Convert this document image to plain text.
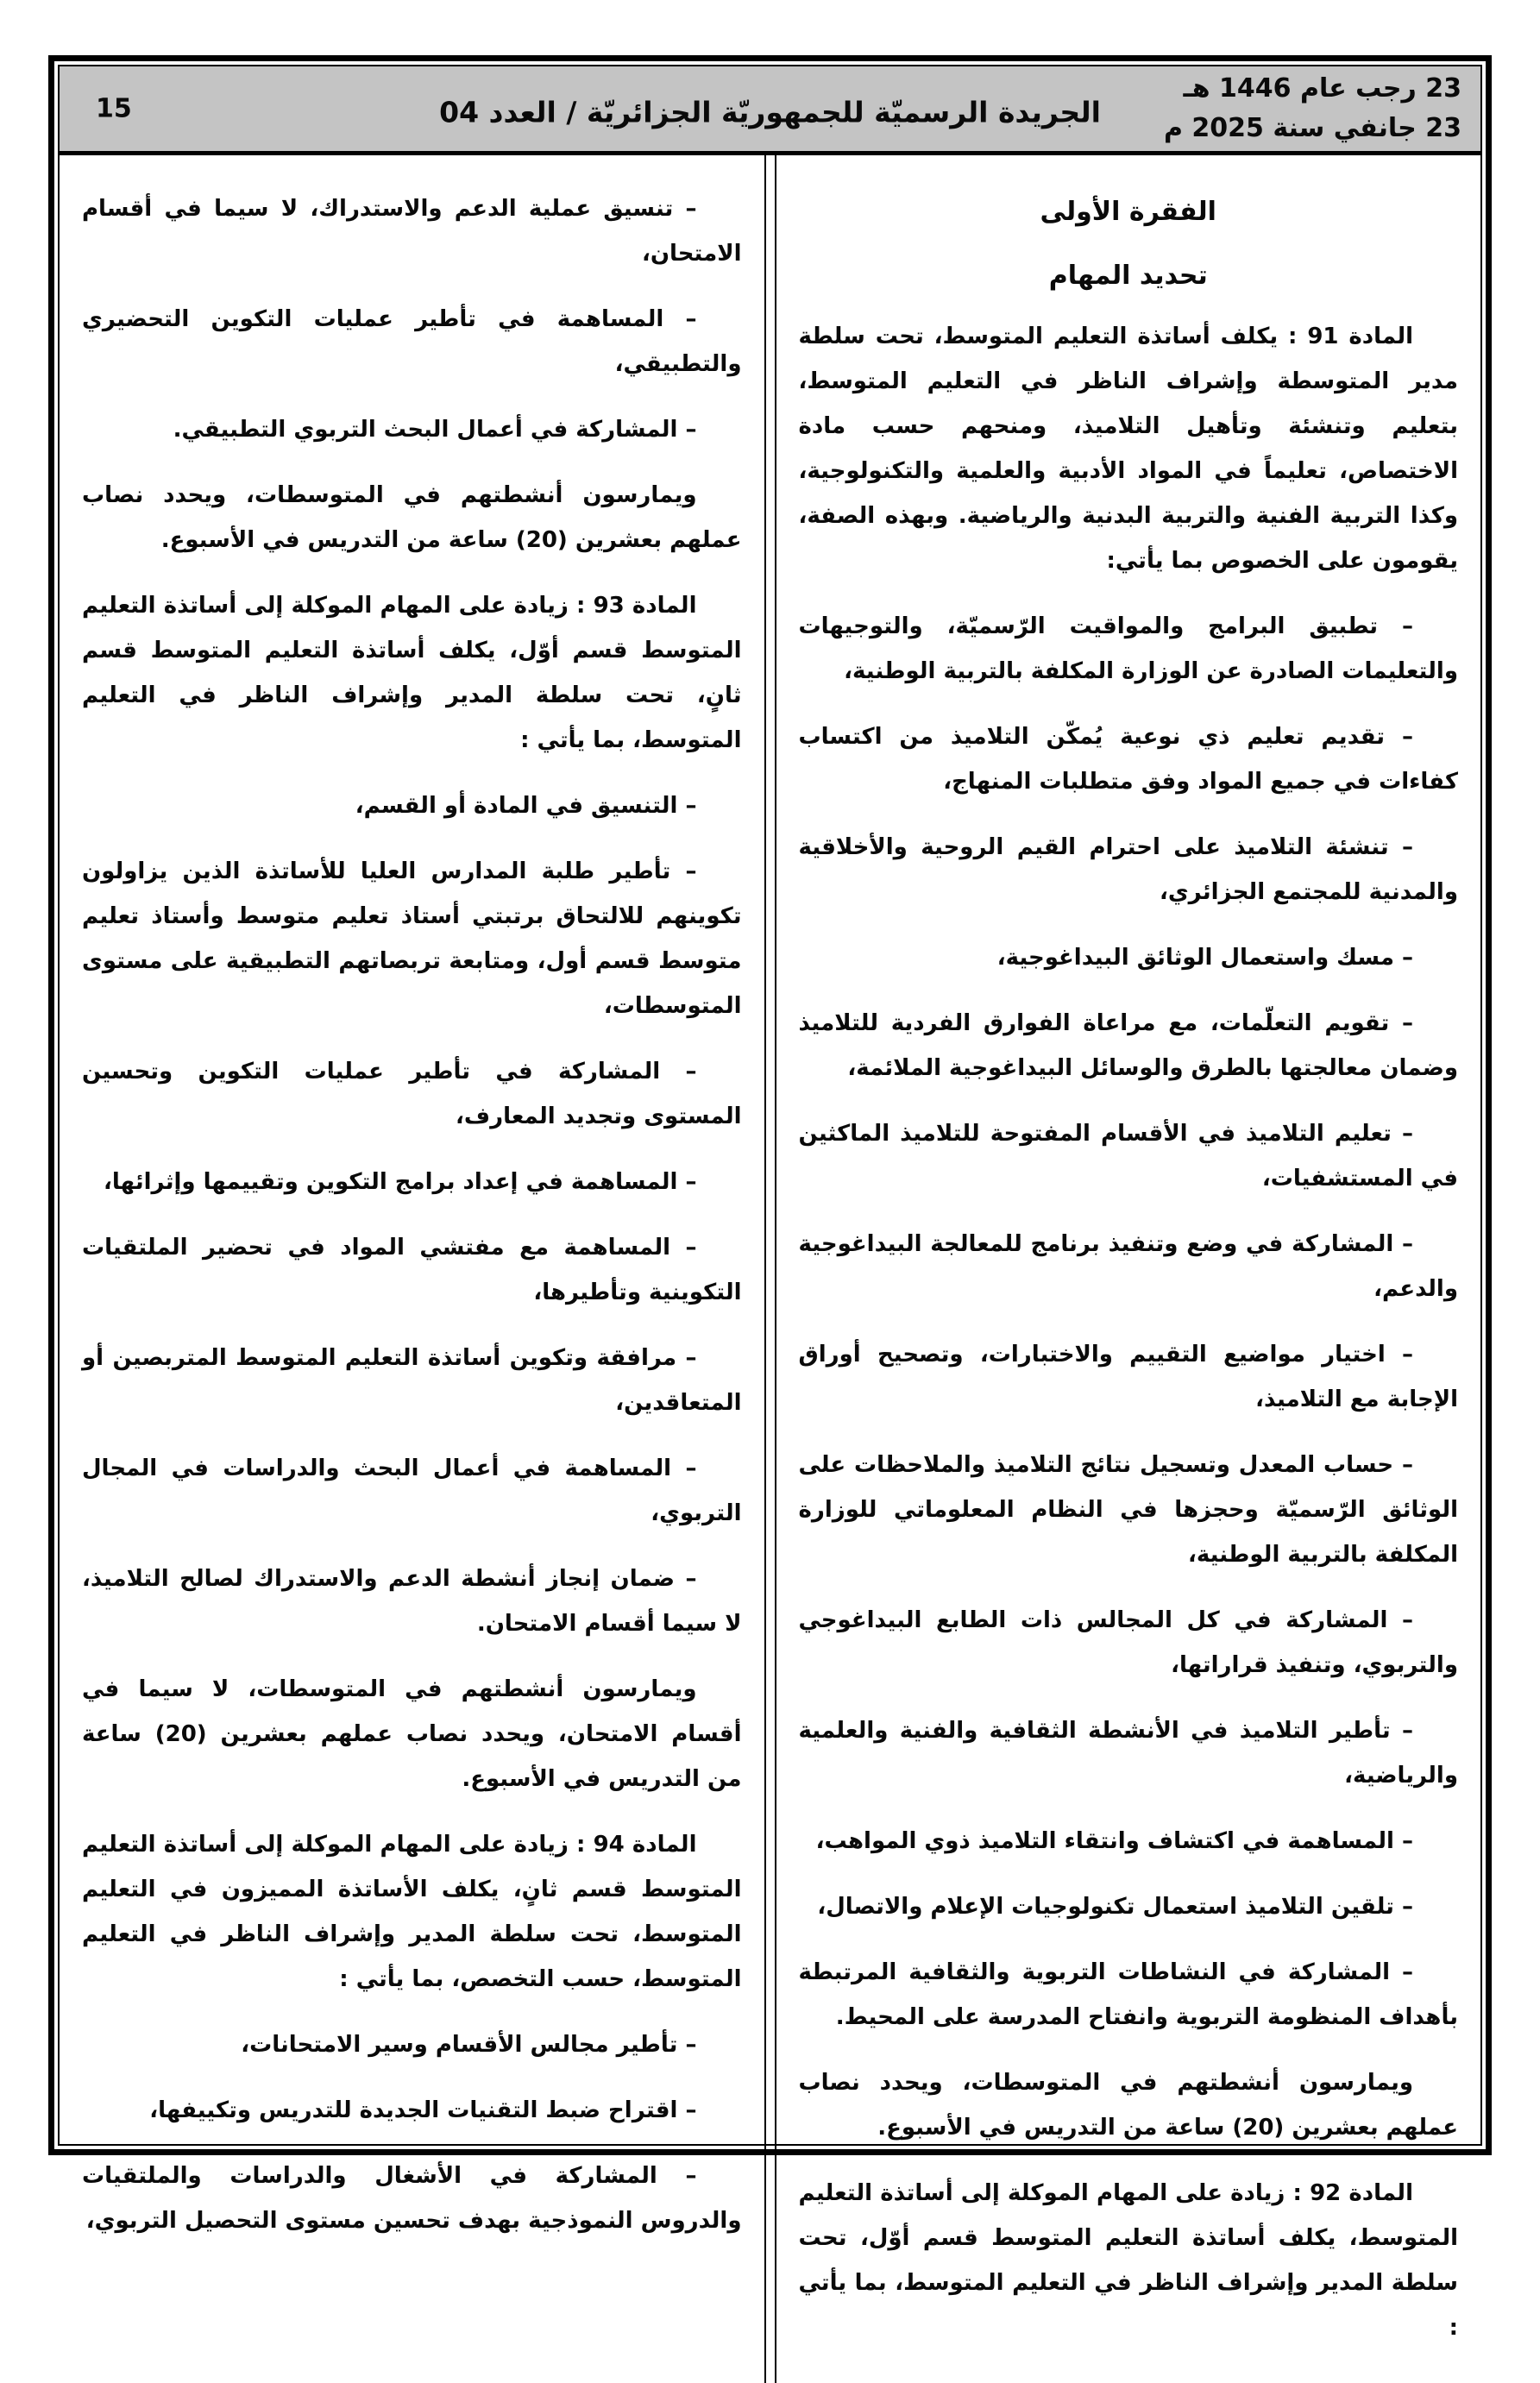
15	الجريدة الرسميّة للجمهوريّة الجزائريّة / العدد 04
23 رجب عام 1446 هـ
23 جانفي سنة 2025 م
– تنسيق عملية الدعم والاستدراك، لا سيما في أقسام الامتحان،
– المساهمة في تأطير عمليات التكوين التحضيري والتطبيقي،
– المشاركة في أعمال البحث التربوي التطبيقي.
ويمارسون أنشطتهم في المتوسطات، ويحدد نصاب عملهم بعشرين (20) ساعة من التدريس في الأسبوع.
المادة 93 : زيادة على المهام الموكلة إلى أساتذة التعليم المتوسط قسم أوّل، يكلف أساتذة التعليم المتوسط قسم ثانٍ، تحت سلطة المدير وإشراف الناظر في التعليم المتوسط، بما يأتي :
– التنسيق في المادة أو القسم،
– تأطير طلبة المدارس العليا للأساتذة الذين يزاولون تكوينهم للالتحاق برتبتي أستاذ تعليم متوسط وأستاذ تعليم متوسط قسم أول، ومتابعة تربصاتهم التطبيقية على مستوى المتوسطات،
– المشاركة في تأطير عمليات التكوين وتحسين المستوى وتجديد المعارف،
– المساهمة في إعداد برامج التكوين وتقييمها وإثرائها،
– المساهمة مع مفتشي المواد في تحضير الملتقيات التكوينية وتأطيرها،
– مرافقة وتكوين أساتذة التعليم المتوسط المتربصين أو المتعاقدين،
– المساهمة في أعمال البحث والدراسات في المجال التربوي،
– ضمان إنجاز أنشطة الدعم والاستدراك لصالح التلاميذ، لا سيما أقسام الامتحان.
ويمارسون أنشطتهم في المتوسطات، لا سيما في أقسام الامتحان، ويحدد نصاب عملهم بعشرين (20) ساعة من التدريس في الأسبوع.
المادة 94 : زيادة على المهام الموكلة إلى أساتذة التعليم المتوسط قسم ثانٍ، يكلف الأساتذة المميزون في التعليم المتوسط، تحت سلطة المدير وإشراف الناظر في التعليم المتوسط، حسب التخصص، بما يأتي :
– تأطير مجالس الأقسام وسير الامتحانات،
– اقتراح ضبط التقنيات الجديدة للتدريس وتكييفها،
– المشاركة في الأشغال والدراسات والملتقيات والدروس النموذجية بهدف تحسين مستوى التحصيل التربوي،
الفقرة الأولى
تحديد المهام
المادة 91 : يكلف أساتذة التعليم المتوسط، تحت سلطة مدير المتوسطة وإشراف الناظر في التعليم المتوسط، بتعليم وتنشئة وتأهيل التلاميذ، ومنحهم حسب مادة الاختصاص، تعليماً في المواد الأدبية والعلمية والتكنولوجية، وكذا التربية الفنية والتربية البدنية والرياضية. وبهذه الصفة، يقومون على الخصوص بما يأتي:
– تطبيق البرامج والمواقيت الرّسميّة، والتوجيهات والتعليمات الصادرة عن الوزارة المكلفة بالتربية الوطنية،
– تقديم تعليم ذي نوعية يُمكّن التلاميذ من اكتساب كفاءات في جميع المواد وفق متطلبات المنهاج،
– تنشئة التلاميذ على احترام القيم الروحية والأخلاقية والمدنية للمجتمع الجزائري،
– مسك واستعمال الوثائق البيداغوجية،
– تقويم التعلّمات، مع مراعاة الفوارق الفردية للتلاميذ وضمان معالجتها بالطرق والوسائل البيداغوجية الملائمة،
– تعليم التلاميذ في الأقسام المفتوحة للتلاميذ الماكثين في المستشفيات،
– المشاركة في وضع وتنفيذ برنامج للمعالجة البيداغوجية والدعم،
– اختيار مواضيع التقييم والاختبارات، وتصحيح أوراق الإجابة مع التلاميذ،
– حساب المعدل وتسجيل نتائج التلاميذ والملاحظات على الوثائق الرّسميّة وحجزها في النظام المعلوماتي للوزارة المكلفة بالتربية الوطنية،
– المشاركة في كل المجالس ذات الطابع البيداغوجي والتربوي، وتنفيذ قراراتها،
– تأطير التلاميذ في الأنشطة الثقافية والفنية والعلمية والرياضية،
– المساهمة في اكتشاف وانتقاء التلاميذ ذوي المواهب،
– تلقين التلاميذ استعمال تكنولوجيات الإعلام والاتصال،
– المشاركة في النشاطات التربوية والثقافية المرتبطة بأهداف المنظومة التربوية وانفتاح المدرسة على المحيط.
ويمارسون أنشطتهم في المتوسطات، ويحدد نصاب عملهم بعشرين (20) ساعة من التدريس في الأسبوع.
المادة 92 : زيادة على المهام الموكلة إلى أساتذة التعليم المتوسط، يكلف أساتذة التعليم المتوسط قسم أوّل، تحت سلطة المدير وإشراف الناظر في التعليم المتوسط، بما يأتي :
